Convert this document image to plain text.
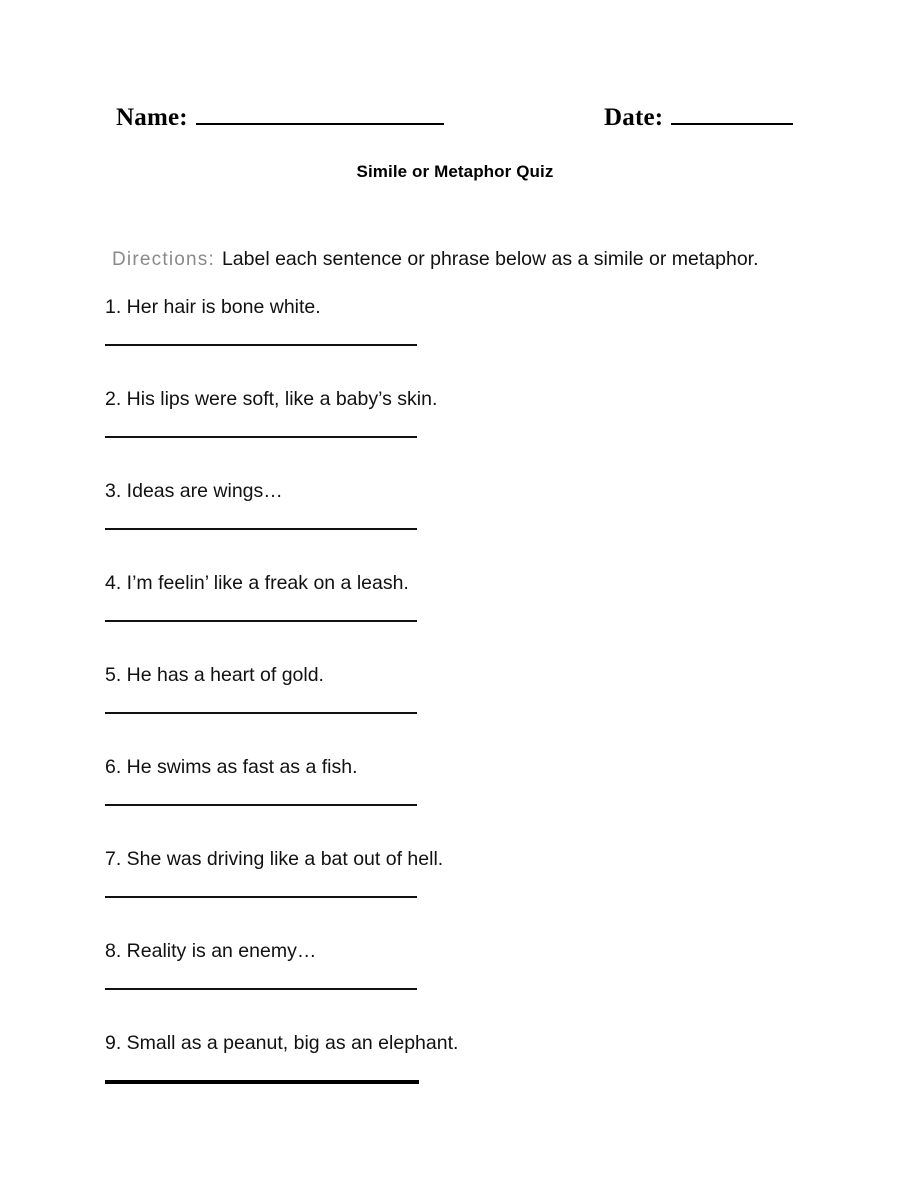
Name:	Date:
Simile or Metaphor Quiz
Directions: Label each sentence or phrase below as a simile or metaphor.
1. Her hair is bone white.
2. His lips were soft, like a baby’s skin.
3. Ideas are wings…
4. I’m feelin’ like a freak on a leash.
5. He has a heart of gold.
6. He swims as fast as a fish.
7. She was driving like a bat out of hell.
8. Reality is an enemy…
9. Small as a peanut, big as an elephant.
